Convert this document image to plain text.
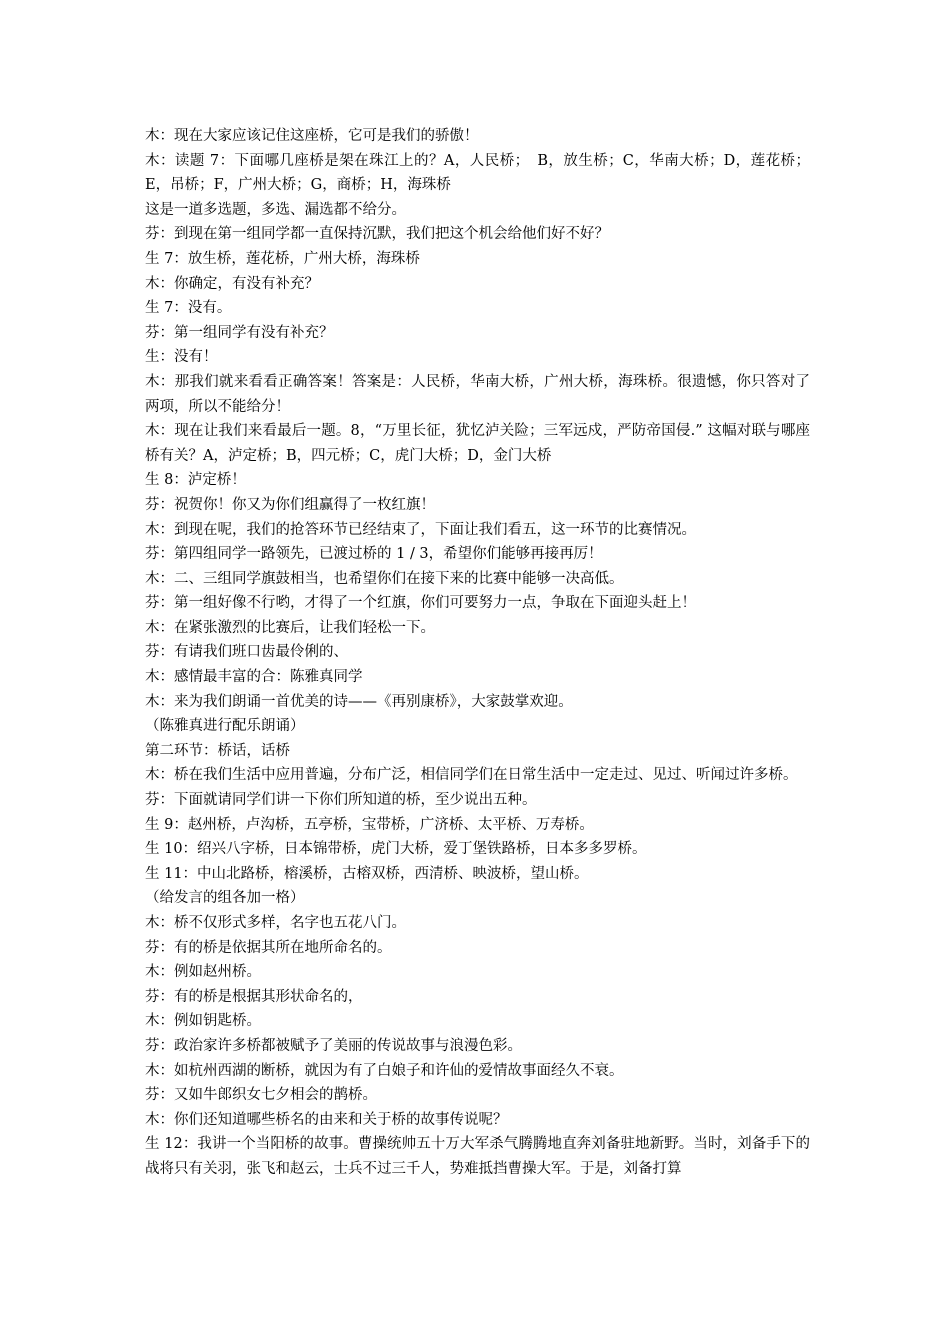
木：现在大家应该记住这座桥，它可是我们的骄傲！

木：读题 7：下面哪几座桥是架在珠江上的？A，人民桥；　B，放生桥；C，华南大桥；D，莲花桥；E，吊桥；F，广州大桥；G，商桥；H，海珠桥

这是一道多选题，多选、漏选都不给分。

芬：到现在第一组同学都一直保持沉默，我们把这个机会给他们好不好？

生 7：放生桥，莲花桥，广州大桥，海珠桥

木：你确定，有没有补充？

生 7：没有。

芬：第一组同学有没有补充？

生：没有！

木：那我们就来看看正确答案！答案是：人民桥，华南大桥，广州大桥，海珠桥。很遗憾，你只答对了两项，所以不能给分！

木：现在让我们来看最后一题。8，“万里长征，犹忆泸关险；三军远戍，严防帝国侵.” 这幅对联与哪座桥有关？A，泸定桥；B，四元桥；C，虎门大桥；D，金门大桥

生 8：泸定桥！

芬：祝贺你！你又为你们组赢得了一枚红旗！

木：到现在呢，我们的抢答环节已经结束了，下面让我们看五，这一环节的比赛情况。

芬：第四组同学一路领先，已渡过桥的 1 / 3，希望你们能够再接再厉！

木：二、三组同学旗鼓相当，也希望你们在接下来的比赛中能够一决高低。

芬：第一组好像不行哟，才得了一个红旗，你们可要努力一点，争取在下面迎头赶上！

木：在紧张激烈的比赛后，让我们轻松一下。

芬：有请我们班口齿最伶俐的、

木：感情最丰富的合：陈雅真同学

木：来为我们朗诵一首优美的诗——《再别康桥》，大家鼓掌欢迎。

（陈雅真进行配乐朗诵）

第二环节：桥话，话桥

木：桥在我们生活中应用普遍，分布广泛，相信同学们在日常生活中一定走过、见过、听闻过许多桥。

芬：下面就请同学们讲一下你们所知道的桥，至少说出五种。

生 9：赵州桥，卢沟桥，五亭桥，宝带桥，广济桥、太平桥、万寿桥。

生 10：绍兴八字桥，日本锦带桥，虎门大桥，爱丁堡铁路桥，日本多多罗桥。

生 11：中山北路桥，榕溪桥，古榕双桥，西清桥、映波桥，望山桥。

（给发言的组各加一格）

木：桥不仅形式多样，名字也五花八门。

芬：有的桥是依据其所在地所命名的。

木：例如赵州桥。

芬：有的桥是根据其形状命名的，

木：例如钥匙桥。

芬：政治家许多桥都被赋予了美丽的传说故事与浪漫色彩。

木：如杭州西湖的断桥，就因为有了白娘子和许仙的爱情故事面经久不衰。

芬：又如牛郎织女七夕相会的鹊桥。

木：你们还知道哪些桥名的由来和关于桥的故事传说呢？

生 12：我讲一个当阳桥的故事。曹操统帅五十万大军杀气腾腾地直奔刘备驻地新野。当时，刘备手下的战将只有关羽，张飞和赵云，士兵不过三千人，势难抵挡曹操大军。于是，刘备打算
